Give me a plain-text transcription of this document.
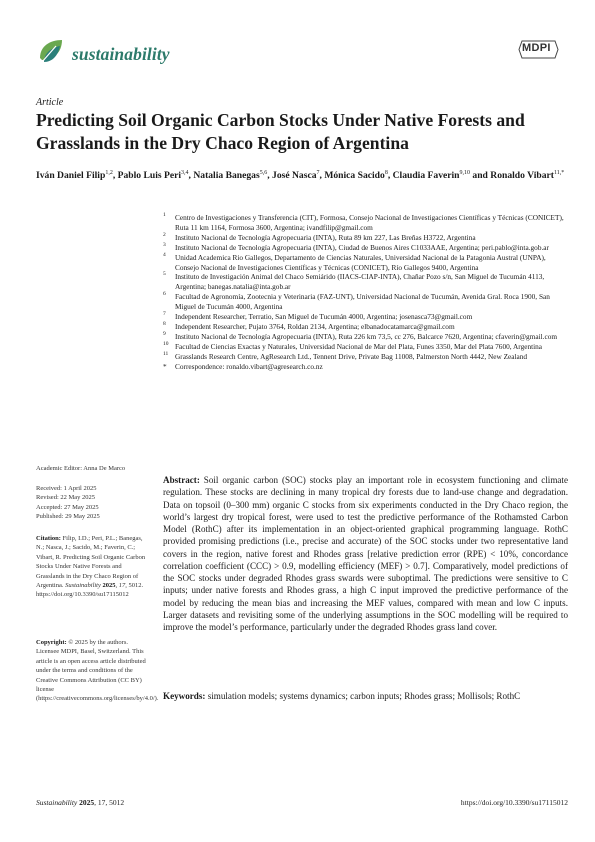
sustainability	MDPI
Article
Predicting Soil Organic Carbon Stocks Under Native Forests and Grasslands in the Dry Chaco Region of Argentina
Iván Daniel Filip$^{1,2}$, Pablo Luis Peri$^{3,4}$, Natalia Banegas$^{5,6}$, José Nasca$^7$, Mónica Sacido$^8$, Claudia Faverin$^{9,10}$ and Ronaldo Vibart$^{11,*}$
1 Centro de Investigaciones y Transferencia (CIT), Formosa, Consejo Nacional de Investigaciones Científicas y Técnicas (CONICET), Ruta 11 km 1164, Formosa 3600, Argentina; ivandfilip@gmail.com
2 Instituto Nacional de Tecnología Agropecuaria (INTA), Ruta 89 km 227, Las Breñas H3722, Argentina
3 Instituto Nacional de Tecnología Agropecuaria (INTA), Ciudad de Buenos Aires C1033AAE, Argentina; peri.pablo@inta.gob.ar
4 Unidad Academica Rio Gallegos, Departamento de Ciencias Naturales, Universidad Nacional de la Patagonia Austral (UNPA), Consejo Nacional de Investigaciones Científicas y Técnicas (CONICET), Río Gallegos 9400, Argentina
5 Instituto de Investigación Animal del Chaco Semiárido (IIACS-CIAP-INTA), Chañar Pozo s/n, San Miguel de Tucumán 4113, Argentina; banegas.natalia@inta.gob.ar
6 Facultad de Agronomía, Zootecnia y Veterinaria (FAZ-UNT), Universidad Nacional de Tucumán, Avenida Gral. Roca 1900, San Miguel de Tucumán 4000, Argentina
7 Independent Researcher, Terratio, San Miguel de Tucumán 4000, Argentina; josenasca73@gmail.com
8 Independent Researcher, Pujato 3764, Roldan 2134, Argentina; elbanadocatamarca@gmail.com
9 Instituto Nacional de Tecnología Agropecuaria (INTA), Ruta 226 km 73,5, cc 276, Balcarce 7620, Argentina; cfaverin@gmail.com
10 Facultad de Ciencias Exactas y Naturales, Universidad Nacional de Mar del Plata, Funes 3350, Mar del Plata 7600, Argentina
11 Grasslands Research Centre, AgResearch Ltd., Tennent Drive, Private Bag 11008, Palmerston North 4442, New Zealand
* Correspondence: ronaldo.vibart@agresearch.co.nz
Academic Editor: Anna De Marco
Received: 1 April 2025
Revised: 22 May 2025
Accepted: 27 May 2025
Published: 29 May 2025
Citation: Filip, I.D.; Peri, P.L.; Banegas, N.; Nasca, J.; Sacido, M.; Faverin, C.; Vibart, R. Predicting Soil Organic Carbon Stocks Under Native Forests and Grasslands in the Dry Chaco Region of Argentina. Sustainability 2025, 17, 5012. https://doi.org/10.3390/su17115012
Copyright: © 2025 by the authors. Licensee MDPI, Basel, Switzerland. This article is an open access article distributed under the terms and conditions of the Creative Commons Attribution (CC BY) license (https://creativecommons.org/licenses/by/4.0/).
Abstract: Soil organic carbon (SOC) stocks play an important role in ecosystem functioning and climate regulation. These stocks are declining in many tropical dry forests due to land-use change and degradation. Data on topsoil (0–300 mm) organic C stocks from six experiments conducted in the Dry Chaco region, the world’s largest dry tropical forest, were used to test the predictive performance of the Rothamsted Carbon Model (RothC) after its implementation in an object-oriented graphical programming language. RothC provided promising predictions (i.e., precise and accurate) of the SOC stocks under two representative land covers in the region, native forest and Rhodes grass [relative prediction error (RPE) < 10%, concordance correlation coefficient (CCC) > 0.9, modelling efficiency (MEF) > 0.7]. Comparatively, model predictions of the SOC stocks under degraded Rhodes grass swards were suboptimal. The predictions were sensitive to C inputs; under native forests and Rhodes grass, a high C input improved the predictive performance of the model by reducing the mean bias and increasing the MEF values, compared with mean and low C inputs. Larger datasets and revisiting some of the underlying assumptions in the SOC modelling will be required to improve the model’s performance, particularly under the degraded Rhodes grass land cover.
Keywords: simulation models; systems dynamics; carbon inputs; Rhodes grass; Mollisols; RothC
Sustainability 2025, 17, 5012	https://doi.org/10.3390/su17115012
